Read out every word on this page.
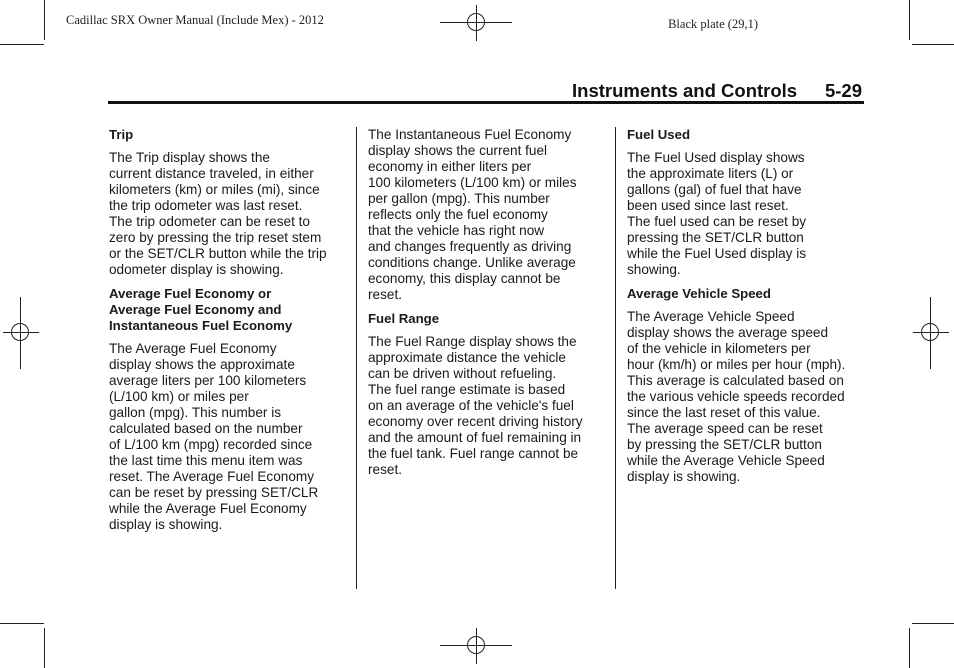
Cadillac SRX Owner Manual (Include Mex) - 2012	Black plate (29,1)
Instruments and Controls 5-29
Trip

The Trip display shows the
current distance traveled, in either
kilometers (km) or miles (mi), since
the trip odometer was last reset.
The trip odometer can be reset to
zero by pressing the trip reset stem
or the SET/CLR button while the trip
odometer display is showing.

Average Fuel Economy or
Average Fuel Economy and
Instantaneous Fuel Economy

The Average Fuel Economy
display shows the approximate
average liters per 100 kilometers
(L/100 km) or miles per
gallon (mpg). This number is
calculated based on the number
of L/100 km (mpg) recorded since
the last time this menu item was
reset. The Average Fuel Economy
can be reset by pressing SET/CLR
while the Average Fuel Economy
display is showing.

The Instantaneous Fuel Economy
display shows the current fuel
economy in either liters per
100 kilometers (L/100 km) or miles
per gallon (mpg). This number
reflects only the fuel economy
that the vehicle has right now
and changes frequently as driving
conditions change. Unlike average
economy, this display cannot be
reset.

Fuel Range

The Fuel Range display shows the
approximate distance the vehicle
can be driven without refueling.
The fuel range estimate is based
on an average of the vehicle's fuel
economy over recent driving history
and the amount of fuel remaining in
the fuel tank. Fuel range cannot be
reset.

Fuel Used

The Fuel Used display shows
the approximate liters (L) or
gallons (gal) of fuel that have
been used since last reset.
The fuel used can be reset by
pressing the SET/CLR button
while the Fuel Used display is
showing.

Average Vehicle Speed

The Average Vehicle Speed
display shows the average speed
of the vehicle in kilometers per
hour (km/h) or miles per hour (mph).
This average is calculated based on
the various vehicle speeds recorded
since the last reset of this value.
The average speed can be reset
by pressing the SET/CLR button
while the Average Vehicle Speed
display is showing.
